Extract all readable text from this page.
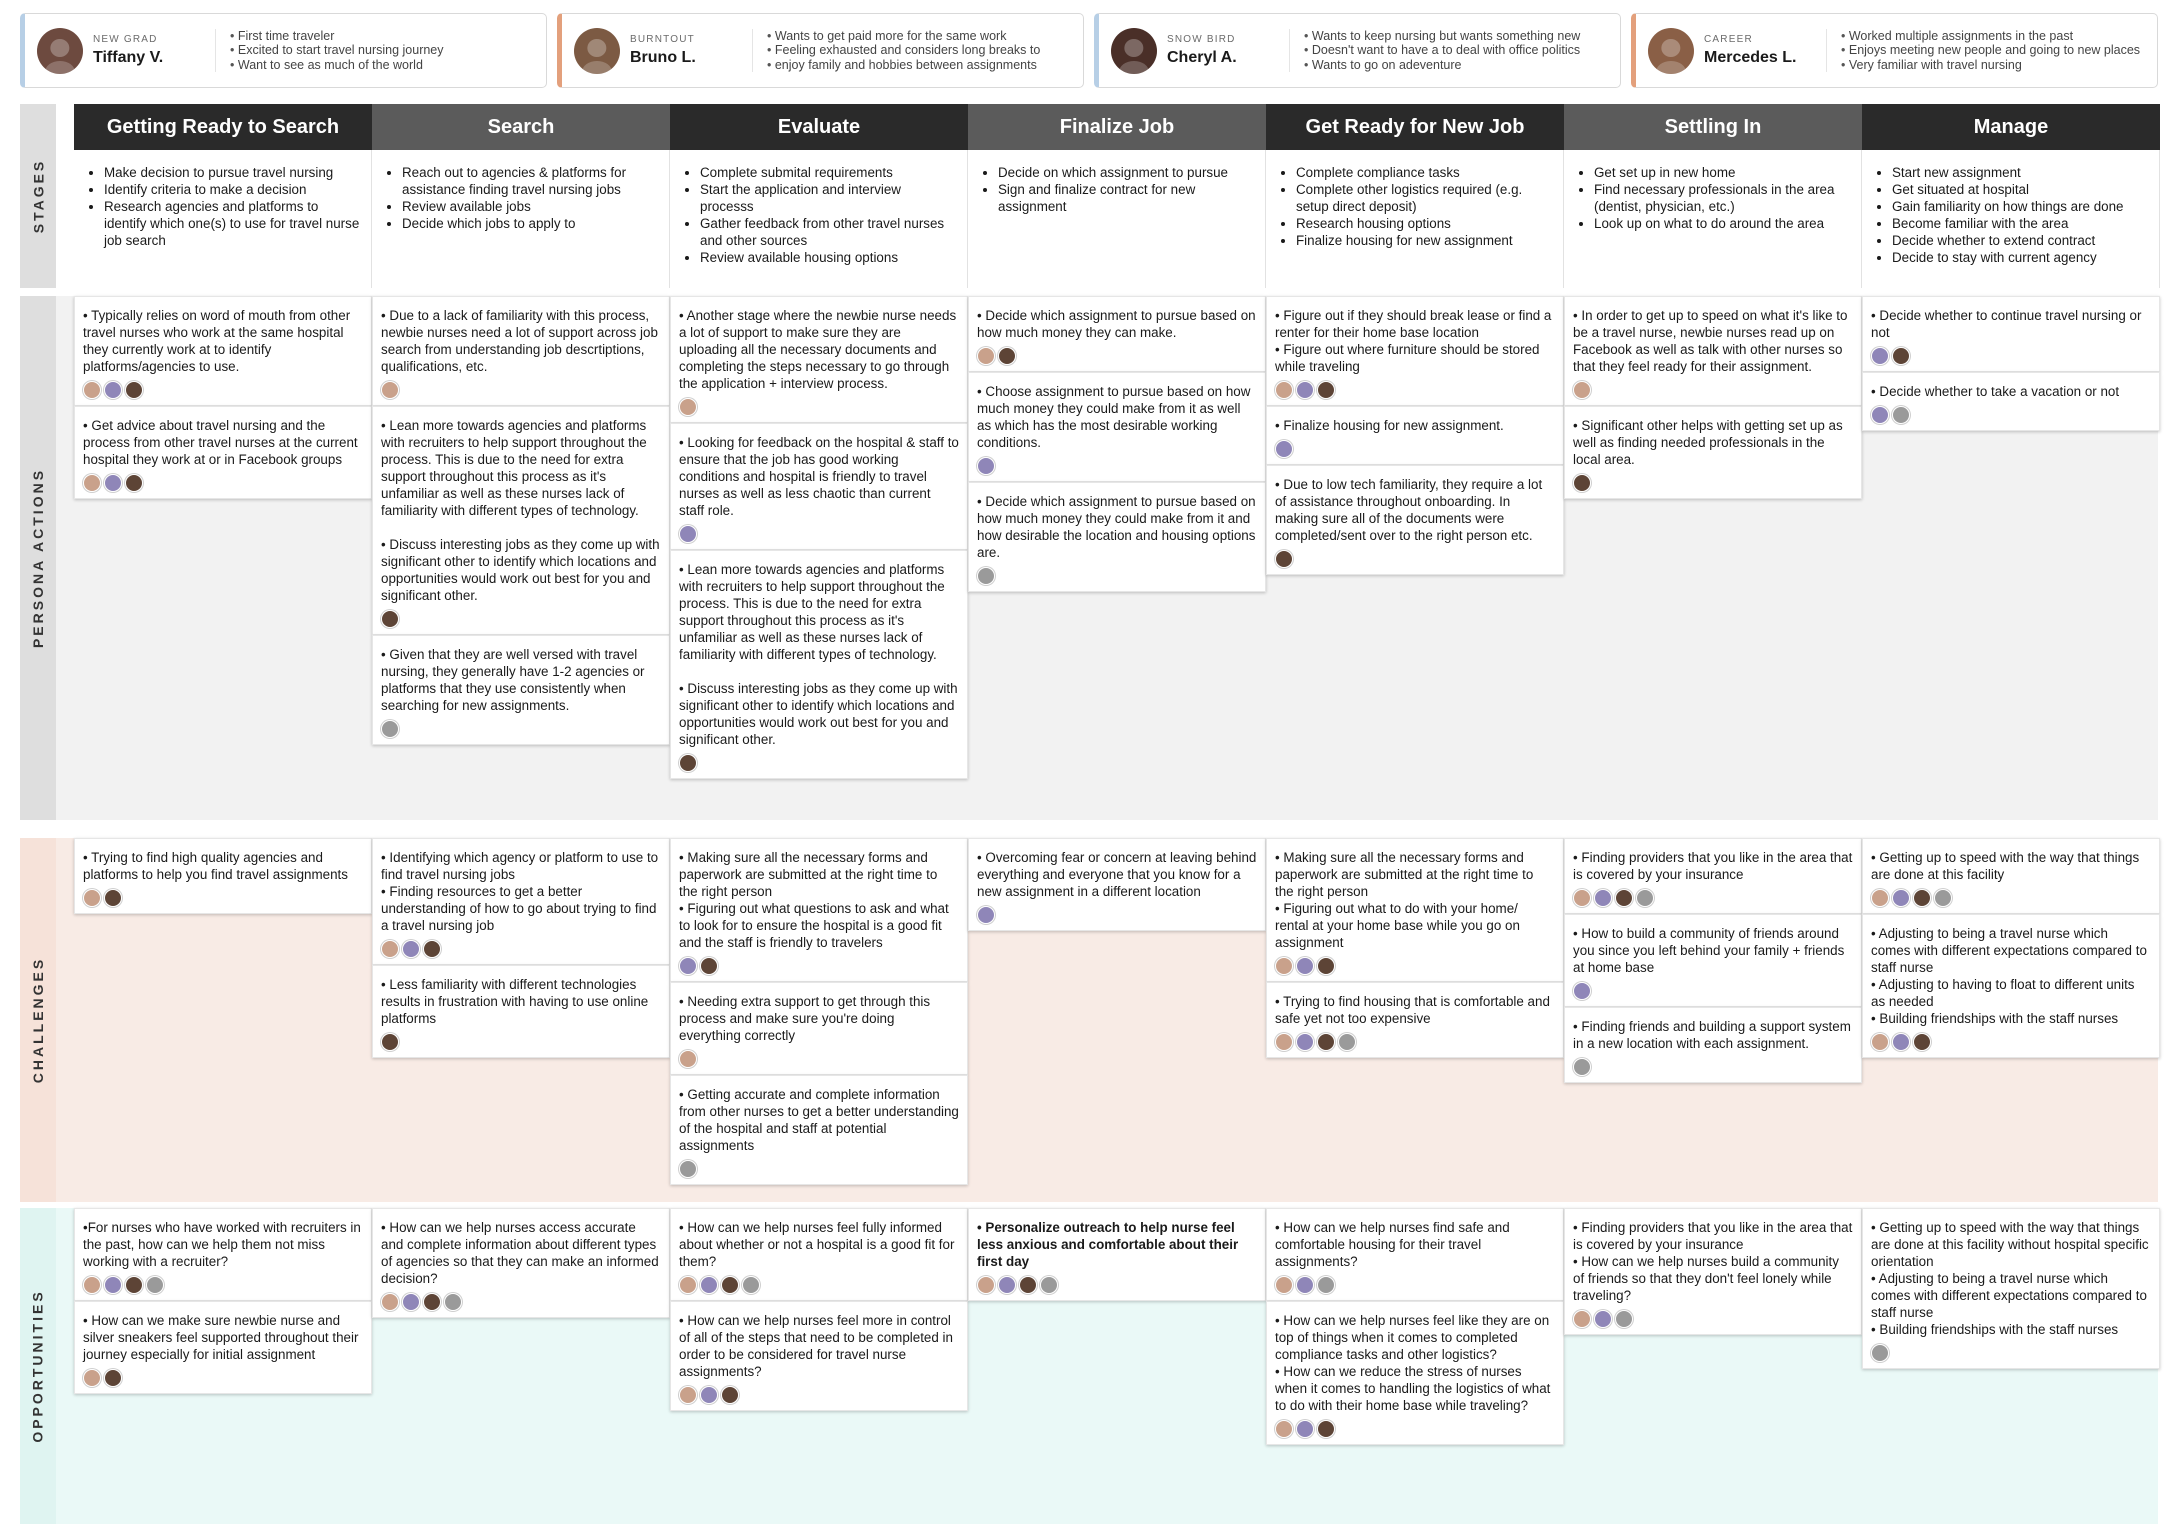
NEW GRAD
Tiffany V.
• First time traveler
• Excited to start travel nursing journey
• Want to see as much of the world
BURNTOUT
Bruno L.
• Wants to get paid more for the same work
• Feeling exhausted and considers long breaks to
• enjoy family and hobbies between assignments
SNOW BIRD
Cheryl A.
• Wants to keep nursing but wants something new
• Doesn't want to have a to deal with office politics
• Wants to go on adeventure
CAREER
Mercedes L.
• Worked multiple assignments in the past
• Enjoys meeting new people and going to new places
• Very familiar with travel nursing
STAGES
PERSONA ACTIONS
CHALLENGES
OPPORTUNITIES
Getting Ready to Search
• Make decision to pursue travel nursing
• Identify criteria to make a decision
• Research agencies and platforms to identify which one(s) to use for travel nurse job search
Search
• Reach out to agencies & platforms for assistance finding travel nursing jobs
• Review available jobs
• Decide which jobs to apply to
Evaluate
• Complete submital requirements
• Start the application and interview processs
• Gather feedback from other travel nurses and other sources
• Review available housing options
Finalize Job
• Decide on which assignment to pursue
• Sign and finalize contract for new assignment
Get Ready for New Job
• Complete compliance tasks
• Complete other logistics required (e.g. setup direct deposit)
• Research housing options
• Finalize housing for new assignment
Settling In
• Get set up in new home
• Find necessary professionals in the area (dentist, physician, etc.)
• Look up on what to do around the area
Manage
• Start new assignment
• Get situated at hospital
• Gain familiarity on how things are done
• Become familiar with the area
• Decide whether to extend contract
• Decide to stay with current agency

• Typically relies on word of mouth from other travel nurses who work at the same hospital they currently work at to identify platforms/agencies to use.

• Get advice about travel nursing and the process from other travel nurses at the current hospital they work at or in Facebook groups

• Due to a lack of familiarity with this process, newbie nurses need a lot of support across job search from understanding job descrtiptions, qualifications, etc.

• Lean more towards agencies and platforms with recruiters to help support throughout the process. This is due to the need for extra support throughout this process as it's unfamiliar as well as these nurses lack of familiarity with different types of technology.

• Discuss interesting jobs as they come up with significant other to identify which locations and opportunities would work out best for you and significant other.

• Given that they are well versed with travel nursing, they generally have 1-2 agencies or platforms that they use consistently when searching for new assignments.

• Another stage where the newbie nurse needs a lot of support to make sure they are uploading all the necessary documents and completing the steps necessary to go through the application + interview process.

• Looking for feedback on the hospital & staff to ensure that the job has good working conditions and hospital is friendly to travel nurses as well as less chaotic than current staff role.

• Lean more towards agencies and platforms with recruiters to help support throughout the process. This is due to the need for extra support throughout this process as it's unfamiliar as well as these nurses lack of familiarity with different types of technology.

• Discuss interesting jobs as they come up with significant other to identify which locations and opportunities would work out best for you and significant other.

• Decide which assignment to pursue based on how much money they can make.

• Choose assignment to pursue based on how much money they could make from it as well as which has the most desirable working conditions.

• Decide which assignment to pursue based on how much money they could make from it and how desirable the location and housing options are.

• Figure out if they should break lease or find a renter for their home base location
• Figure out where furniture should be stored while traveling

• Finalize housing for new assignment.

• Due to low tech familiarity, they require a lot of assistance throughout onboarding. In making sure all of the documents were completed/sent over to the right person etc.

• In order to get up to speed on what it's like to be a travel nurse, newbie nurses read up on Facebook as well as talk with other nurses so that they feel ready for their assignment.

• Significant other helps with getting set up as well as finding needed professionals in the local area.

• Decide whether to continue travel nursing or not

• Decide whether to take a vacation or not

• Trying to find high quality agencies and platforms to help you find travel assignments

• Identifying which agency or platform to use to find travel nursing jobs
• Finding resources to get a better understanding of how to go about trying to find a travel nursing job

• Less familiarity with different technologies results in frustration with having to use online platforms

• Making sure all the necessary forms and paperwork are submitted at the right time to the right person
• Figuring out what questions to ask and what to look for to ensure the hospital is a good fit and the staff is friendly to travelers

• Needing extra support to get through this process and make sure you're doing everything correctly

• Getting accurate and complete information from other nurses to get a better understanding of the hospital and staff at potential assignments

• Overcoming fear or concern at leaving behind everything and everyone that you know for a new assignment in a different location

• Making sure all the necessary forms and paperwork are submitted at the right time to the right person
• Figuring out what to do with your home/ rental at your home base while you go on assignment

• Trying to find housing that is comfortable and safe yet not too expensive

• Finding providers that you like in the area that is covered by your insurance

• How to build a community of friends around you since you left behind your family + friends at home base

• Finding friends and building a support system in a new location with each assignment.

• Getting up to speed with the way that things are done at this facility

• Adjusting to being a travel nurse which comes with different expectations compared to staff nurse
• Adjusting to having to float to different units as needed
• Building friendships with the staff nurses

•For nurses who have worked with recruiters in the past, how can we help them not miss working with a recruiter?

• How can we make sure newbie nurse and silver sneakers feel supported throughout their journey especially for initial assignment

• How can we help nurses access accurate and complete information about different types of agencies so that they can make an informed decision?

• How can we help nurses feel fully informed about whether or not a hospital is a good fit for them?

• How can we help nurses feel more in control of all of the steps that need to be completed in order to be considered for travel nurse assignments?

• Personalize outreach to help nurse feel less anxious and comfortable about their first day

• How can we help nurses find safe and comfortable housing for their travel assignments?

• How can we help nurses feel like they are on top of things when it comes to completed compliance tasks and other logistics?
• How can we reduce the stress of nurses when it comes to handling the logistics of what to do with their home base while traveling?

• Finding providers that you like in the area that is covered by your insurance
• How can we help nurses build a community of friends so that they don't feel lonely while traveling?

• Getting up to speed with the way that things are done at this facility without hospital specific orientation
• Adjusting to being a travel nurse which comes with different expectations compared to staff nurse
• Building friendships with the staff nurses
